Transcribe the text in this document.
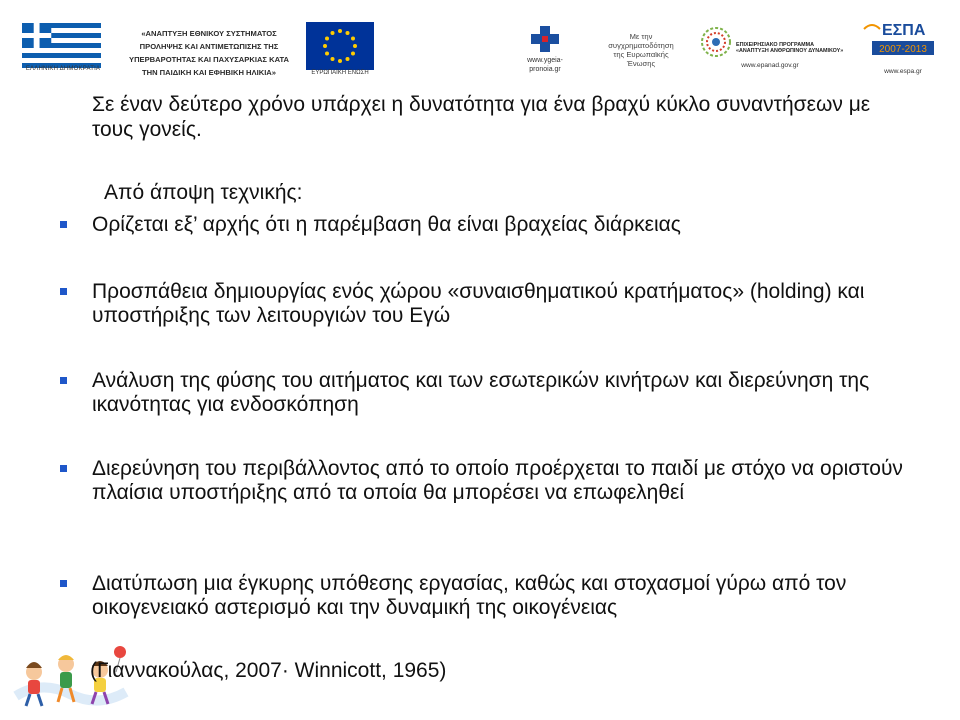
ΕΛΛΗΝΙΚΗ ΔΗΜΟΚΡΑΤΙΑ
«ΑΝΑΠΤΥΞΗ ΕΘΝΙΚΟΥ ΣΥΣΤΗΜΑΤΟΣ
ΠΡΟΛΗΨΗΣ ΚΑΙ ΑΝΤΙΜΕΤΩΠΙΣΗΣ ΤΗΣ
ΥΠΕΡΒΑΡΟΤΗΤΑΣ ΚΑΙ ΠΑΧΥΣΑΡΚΙΑΣ ΚΑΤΑ
ΤΗΝ ΠΑΙΔΙΚΗ ΚΑΙ ΕΦΗΒΙΚΗ ΗΛΙΚΙΑ»	ΕΥΡΩΠΑΪΚΗ ΕΝΩΣΗ
www.ygeia-
pronoia.gr
Με την
συγχρηματοδότηση
της Ευρωπαϊκής
Ένωσης
ΕΠΙΧΕΙΡΗΣΙΑΚΟ ΠΡΟΓΡΑΜΜΑ
«ΑΝΑΠΤΥΞΗ ΑΝΘΡΩΠΙΝΟΥ ΔΥΝΑΜΙΚΟΥ»
www.epanad.gov.gr
ΕΣΠΑ
2007-2013
www.espa.gr

Σε έναν δεύτερο χρόνο υπάρχει η δυνατότητα για ένα βραχύ κύκλο συναντήσεων με τους γονείς.

Από άποψη τεχνικής:

Ορίζεται εξ’ αρχής ότι η παρέμβαση θα είναι βραχείας διάρκειας
Προσπάθεια δημιουργίας ενός χώρου «συναισθηματικού κρατήματος» (holding) και υποστήριξης των λειτουργιών του Εγώ
Ανάλυση της φύσης του αιτήματος και των εσωτερικών κινήτρων και διερεύνηση της ικανότητας για ενδοσκόπηση
Διερεύνηση του περιβάλλοντος από το οποίο προέρχεται το παιδί με στόχο να οριστούν πλαίσια υποστήριξης από τα οποία θα μπορέσει να επωφεληθεί
Διατύπωση μια έγκυρης υπόθεσης εργασίας, καθώς και στοχασμοί γύρω από τον οικογενειακό αστερισμό και την δυναμική της οικογένειας

(Γιαννακούλας, 2007· Winnicott, 1965)
